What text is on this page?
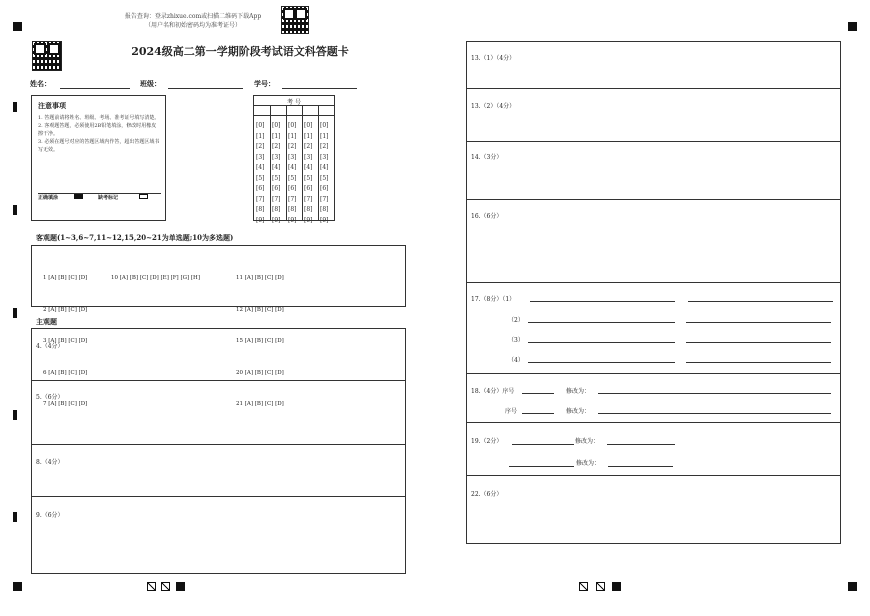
报告查询：登录zhixue.com或扫描二维码下载App
（用户名和初始密码均为准考证号）
2024级高二第一学期阶段考试语文科答题卡
姓名：	班级：	学号：
注意事项
1. 答题前请将姓名、班级、考场、准考证号填写清楚。
2. 客观题答题，必须使用2B铅笔填涂，修改时用橡皮擦干净。
3. 必须在题号对应的答题区域内作答，超出答题区域书写无效。
正确填涂	缺考标记
考 号
[0] [0] [0] [0] [0]
[1] [1] [1] [1] [1]
[2] [2] [2] [2] [2]
[3] [3] [3] [3] [3]
[4] [4] [4] [4] [4]
[5] [5] [5] [5] [5]
[6] [6] [6] [6] [6]
[7] [7] [7] [7] [7]
[8] [8] [8] [8] [8]
[9] [9] [9] [9] [9]
客观题(1~3,6~7,11~12,15,20~21为单选题;10为多选题)

1 [A] [B] [C] [D]

2 [A] [B] [C] [D]

3 [A] [B] [C] [D]

6 [A] [B] [C] [D]

7 [A] [B] [C] [D]

10 [A] [B] [C] [D] [E] [F] [G] [H]

	11 [A] [B] [C] [D]

12 [A] [B] [C] [D]

15 [A] [B] [C] [D]

20 [A] [B] [C] [D]

21 [A] [B] [C] [D]

主观题
4.（4分）
5.（6分）
8.（4分）
9.（6分）
13.（1）（4分）
13.（2）（4分）
14.（3分）
16.（6分）
17.（8分）（1）
（2）
（3）
（4）
18.（4分）序号	修改为：
序号	修改为：
19.（2分）	修改为：
修改为：
22.（6分）
